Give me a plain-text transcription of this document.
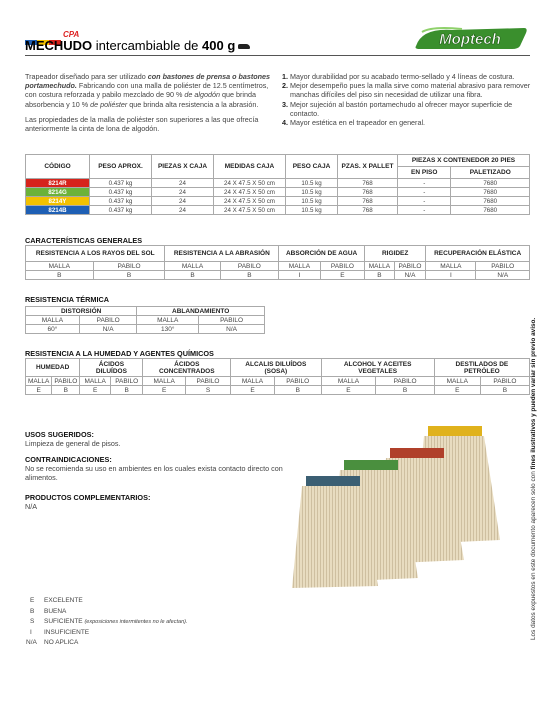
CPA
MECHUDO intercambiable de 400 g	Moptech

Trapeador diseñado para ser utilizado con bastones de prensa o bastones portamechudo. Fabricando con una malla de poliéster de 12.5 centímetros, con costura reforzada y pabilo mezclado de 90 % de algodón que brinda absorbencia y 10 % de poliéster que brinda alta resistencia a la abrasión.

Las propiedades de la malla de poliéster son superiores a las que ofrecía anteriormente la cinta de lona de algodón.

1. Mayor durabilidad por su acabado termo-sellado y 4 líneas de costura.
2. Mejor desempeño pues la malla sirve como material abrasivo para remover manchas difíciles del piso sin necesidad de utilizar una fibra.
3. Mejor sujeción al bastón portamechudo al ofrecer mayor superficie de contacto.
4. Mayor estética en el trapeador en general.
CÓDIGO	PESO APROX.	PIEZAS X CAJA	MEDIDAS CAJA	PESO CAJA	PZAS. X PALLET	PIEZAS X CONTENEDOR 20 PIES	
						EN PISO	PALETIZADO
8214R	0.437 kg	24	24 X 47.5 X 50 cm	10.5 kg	768	-	7680
8214G	0.437 kg	24	24 X 47.5 X 50 cm	10.5 kg	768	-	7680
8214Y	0.437 kg	24	24 X 47.5 X 50 cm	10.5 kg	768	-	7680
8214B	0.437 kg	24	24 X 47.5 X 50 cm	10.5 kg	768	-	7680
CARACTERÍSTICAS GENERALES
RESISTENCIA A LOS RAYOS DEL SOL		RESISTENCIA A LA ABRASIÓN		ABSORCIÓN DE AGUA		RIGIDEZ		RECUPERACIÓN ELÁSTICA	
MALLA	PABILO	MALLA	PABILO	MALLA	PABILO	MALLA	PABILO	MALLA	PABILO
B	B	B	B	I	E	B	N/A	I	N/A
RESISTENCIA TÉRMICA
DISTORSIÓN		ABLANDAMIENTO	
MALLA	PABILO	MALLA	PABILO
60°	N/A	130°	N/A
RESISTENCIA A LA HUMEDAD Y AGENTES QUÍMICOS
HUMEDAD		ÁCIDOS DILUÍDOS		ÁCIDOS CONCENTRADOS		ALCALIS DILUÍDOS (SOSA)		ALCOHOL Y ACEITES VEGETALES		DESTILADOS DE PETRÓLEO	
MALLA	PABILO	MALLA	PABILO	MALLA	PABILO	MALLA	PABILO	MALLA	PABILO	MALLA	PABILO
E	B	E	B	E	S	E	B	E	B	E	B
USOS SUGERIDOS:
Limpieza de general de pisos.
CONTRAINDICACIONES:
No se recomienda su uso en ambientes en los cuales exista contacto directo con alimentos.
PRODUCTOS COMPLEMENTARIOS:
N/A
E EXCELENTE
B BUENA
S SUFICIENTE (exposiciones intermitentes no le afectan).
I INSUFICIENTE
N/A NO APLICA
Los datos expuestos en este documento aparecen solo con fines ilustrativos y pueden variar sin previo aviso.
